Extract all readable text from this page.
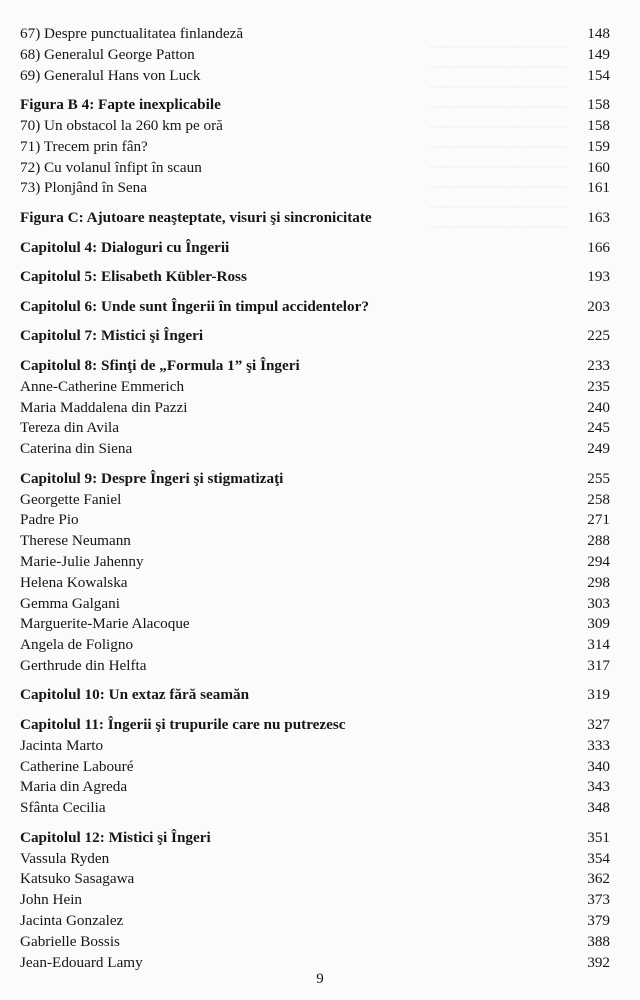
............................................
............................................
............................................
............................................
............................................
............................................
............................................
............................................
............................................
............................................
67) Despre punctualitatea finlandeză	148
68) Generalul George Patton	149
69) Generalul Hans von Luck	154
Figura B 4: Fapte inexplicabile	158
70) Un obstacol la 260 km pe oră	158
71) Trecem prin fân?	159
72) Cu volanul înfipt în scaun	160
73) Plonjând în Sena	161
Figura C: Ajutoare neaşteptate, visuri şi sincronicitate	163
Capitolul 4: Dialoguri cu Îngerii	166
Capitolul 5: Elisabeth Kübler-Ross	193
Capitolul 6: Unde sunt Îngerii în timpul accidentelor?	203
Capitolul 7: Mistici şi Îngeri	225
Capitolul 8: Sfinţi de „Formula 1” şi Îngeri	233
Anne-Catherine Emmerich	235
Maria Maddalena din Pazzi	240
Tereza din Avila	245
Caterina din Siena	249
Capitolul 9: Despre Îngeri şi stigmatizaţi	255
Georgette Faniel	258
Padre Pio	271
Therese Neumann	288
Marie-Julie Jahenny	294
Helena Kowalska	298
Gemma Galgani	303
Marguerite-Marie Alacoque	309
Angela de Foligno	314
Gerthrude din Helfta	317
Capitolul 10: Un extaz fără seamăn	319
Capitolul 11: Îngerii şi trupurile care nu putrezesc	327
Jacinta Marto	333
Catherine Labouré	340
Maria din Agreda	343
Sfânta Cecilia	348
Capitolul 12: Mistici şi Îngeri	351
Vassula Ryden	354
Katsuko Sasagawa	362
John Hein	373
Jacinta Gonzalez	379
Gabrielle Bossis	388
Jean-Edouard Lamy	392
9
